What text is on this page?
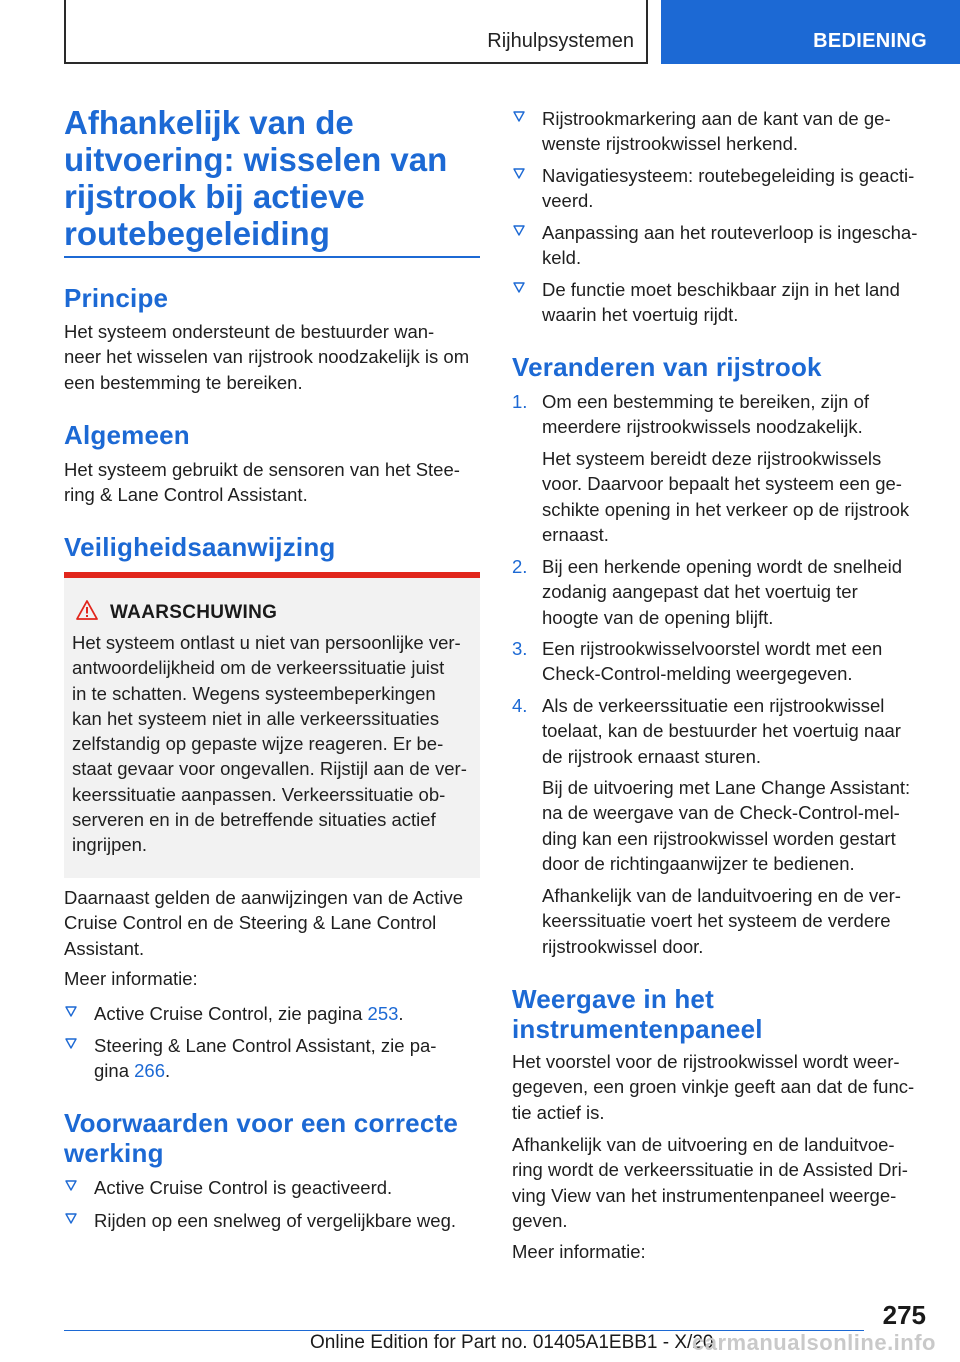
Rijhulpsystemen	BEDIENING
Afhankelijk van de
uitvoering: wisselen van
rijstrook bij actieve
routebegeleiding
Principe

Het systeem ondersteunt de bestuurder wan-
neer het wisselen van rijstrook noodzakelijk is om
een bestemming te bereiken.

Algemeen

Het systeem gebruikt de sensoren van het Stee-
ring & Lane Control Assistant.

Veiligheidsaanwijzing
WAARSCHUWING

Het systeem ontlast u niet van persoonlijke ver-
antwoordelijkheid om de verkeerssituatie juist
in te schatten. Wegens systeembeperkingen
kan het systeem niet in alle verkeerssituaties
zelfstandig op gepaste wijze reageren. Er be-
staat gevaar voor ongevallen. Rijstijl aan de ver-
keerssituatie aanpassen. Verkeerssituatie ob-
serveren en in de betreffende situaties actief
ingrijpen.

Daarnaast gelden de aanwijzingen van de Active
Cruise Control en de Steering & Lane Control
Assistant.

Meer informatie:

Active Cruise Control, zie pagina 253.

Steering & Lane Control Assistant, zie pa-
gina 266.

Voorwaarden voor een correcte
werking

Active Cruise Control is geactiveerd.

Rijden op een snelweg of vergelijkbare weg.

Rijstrookmarkering aan de kant van de ge-
wenste rijstrookwissel herkend.

Navigatiesysteem: routebegeleiding is geacti-
veerd.

Aanpassing aan het routeverloop is ingescha-
keld.

De functie moet beschikbaar zijn in het land
waarin het voertuig rijdt.

Veranderen van rijstrook
1. Om een bestemming te bereiken, zijn of
meerdere rijstrookwissels noodzakelijk.

Het systeem bereidt deze rijstrookwissels
voor. Daarvoor bepaalt het systeem een ge-
schikte opening in het verkeer op de rijstrook
ernaast.

2. Bij een herkende opening wordt de snelheid
zodanig aangepast dat het voertuig ter
hoogte van de opening blijft.

3. Een rijstrookwisselvoorstel wordt met een
Check-Control-melding weergegeven.

4. Als de verkeerssituatie een rijstrookwissel
toelaat, kan de bestuurder het voertuig naar
de rijstrook ernaast sturen.

Bij de uitvoering met Lane Change Assistant:
na de weergave van de Check-Control-mel-
ding kan een rijstrookwissel worden gestart
door de richtingaanwijzer te bedienen.

Afhankelijk van de landuitvoering en de ver-
keerssituatie voert het systeem de verdere
rijstrookwissel door.

Weergave in het
instrumentenpaneel

Het voorstel voor de rijstrookwissel wordt weer-
gegeven, een groen vinkje geeft aan dat de func-
tie actief is.

Afhankelijk van de uitvoering en de landuitvoe-
ring wordt de verkeerssituatie in de Assisted Dri-
ving View van het instrumentenpaneel weerge-
geven.

Meer informatie:

275
Online Edition for Part no. 01405A1EBB1 - X/20
carmanualsonline.info
